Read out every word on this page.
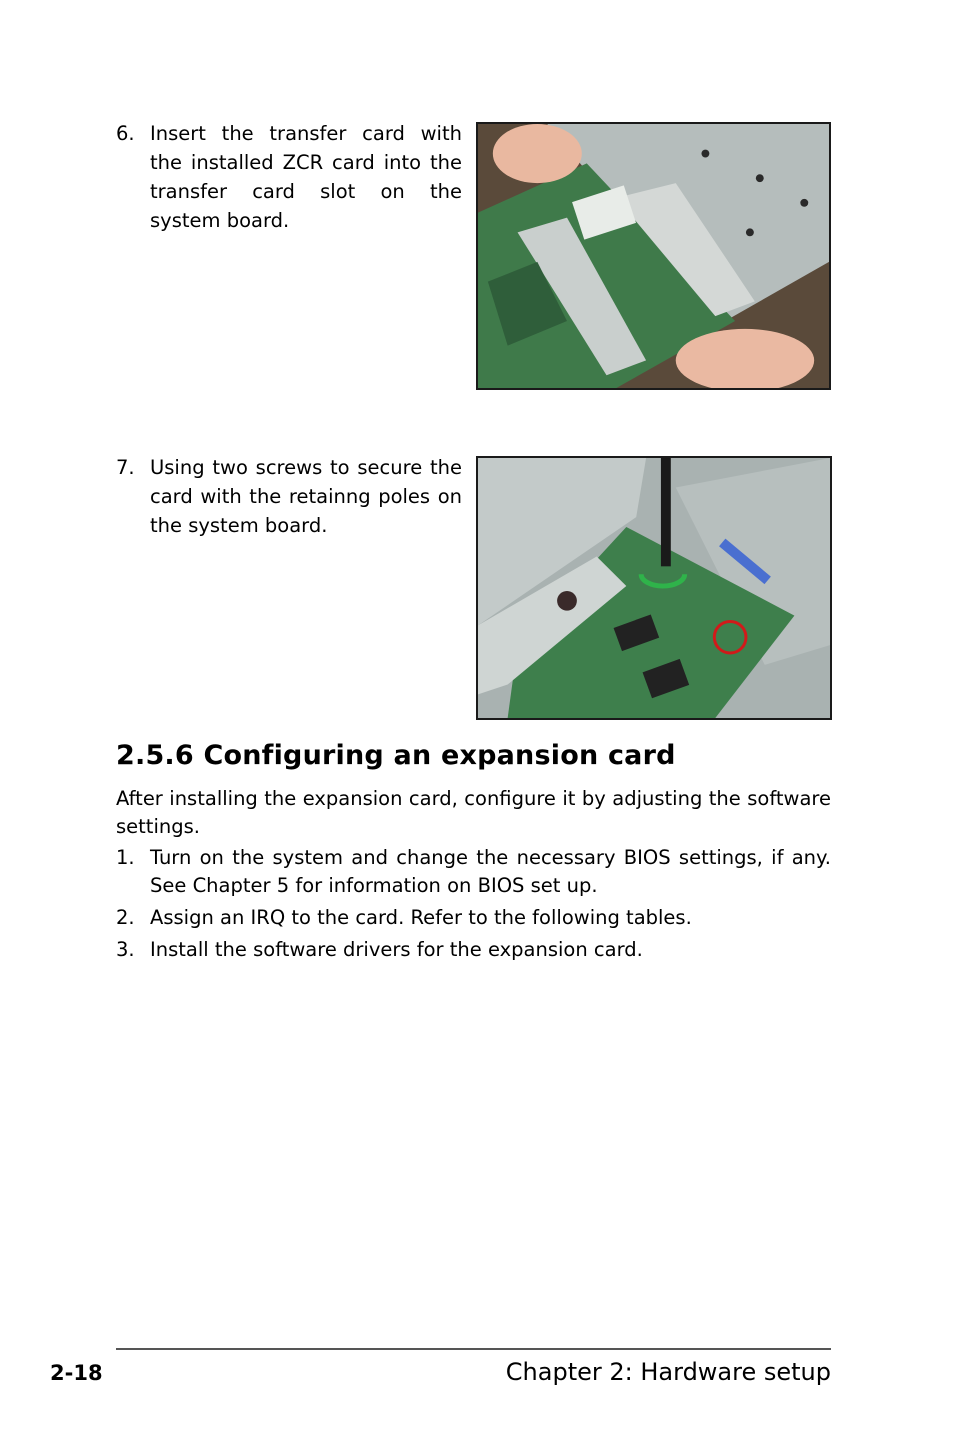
6. Insert the transfer card with the installed ZCR card into the transfer card slot on the system board.
7. Using two screws to secure the card with the retainng poles on the system board.
2.5.6 Configuring an expansion card

After installing the expansion card, configure it by adjusting the software settings.

1. Turn on the system and change the necessary BIOS settings, if any. See Chapter 5 for information on BIOS set up.
2. Assign an IRQ to the card. Refer to the following tables.
3. Install the software drivers for the expansion card.
2-18	Chapter 2: Hardware setup
